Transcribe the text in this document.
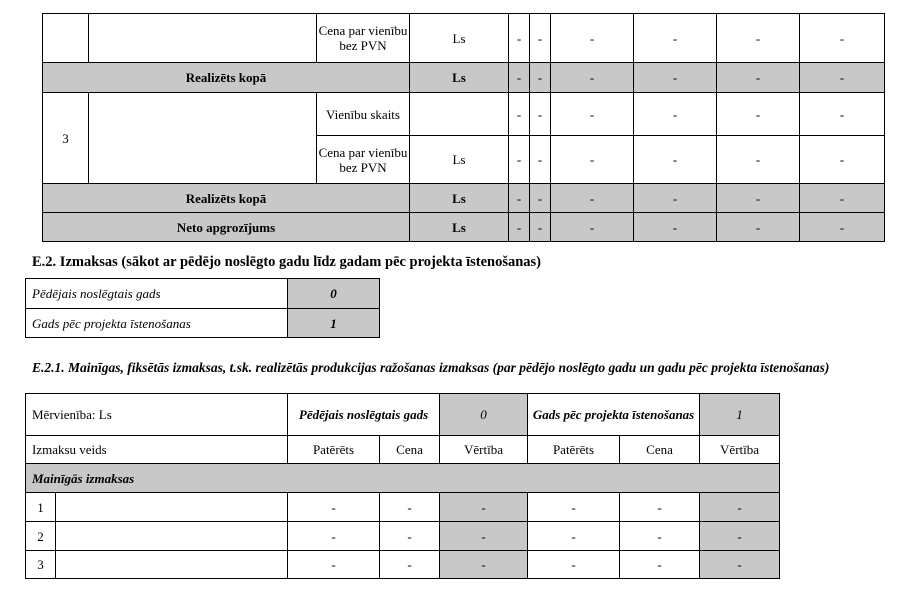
		Cena par vienību bez PVN	Ls	-	-	-	-	-	-
Realizēts kopā			Ls	-	-	-	-	-	-
3		Vienību skaits		-	-	-	-	-	-
		Cena par vienību bez PVN	Ls	-	-	-	-	-	-
Realizēts kopā			Ls	-	-	-	-	-	-
Neto apgrozījums			Ls	-	-	-	-	-	-
E.2. Izmaksas (sākot ar pēdējo noslēgto gadu līdz gadam pēc projekta īstenošanas)
Pēdējais noslēgtais gads	0
Gads pēc projekta īstenošanas	1
E.2.1. Mainīgas, fiksētās izmaksas, t.sk. realizētās produkcijas ražošanas izmaksas (par pēdējo noslēgto gadu un gadu pēc projekta īstenošanas)
Mērvienība: Ls		Pēdējais noslēgtais gads		0	Gads pēc projekta īstenošanas		1
Izmaksu veids		Patērēts	Cena	Vērtība	Patērēts	Cena	Vērtība
Mainīgās izmaksas							
1		-	-	-	-	-	-
2		-	-	-	-	-	-
3		-	-	-	-	-	-
